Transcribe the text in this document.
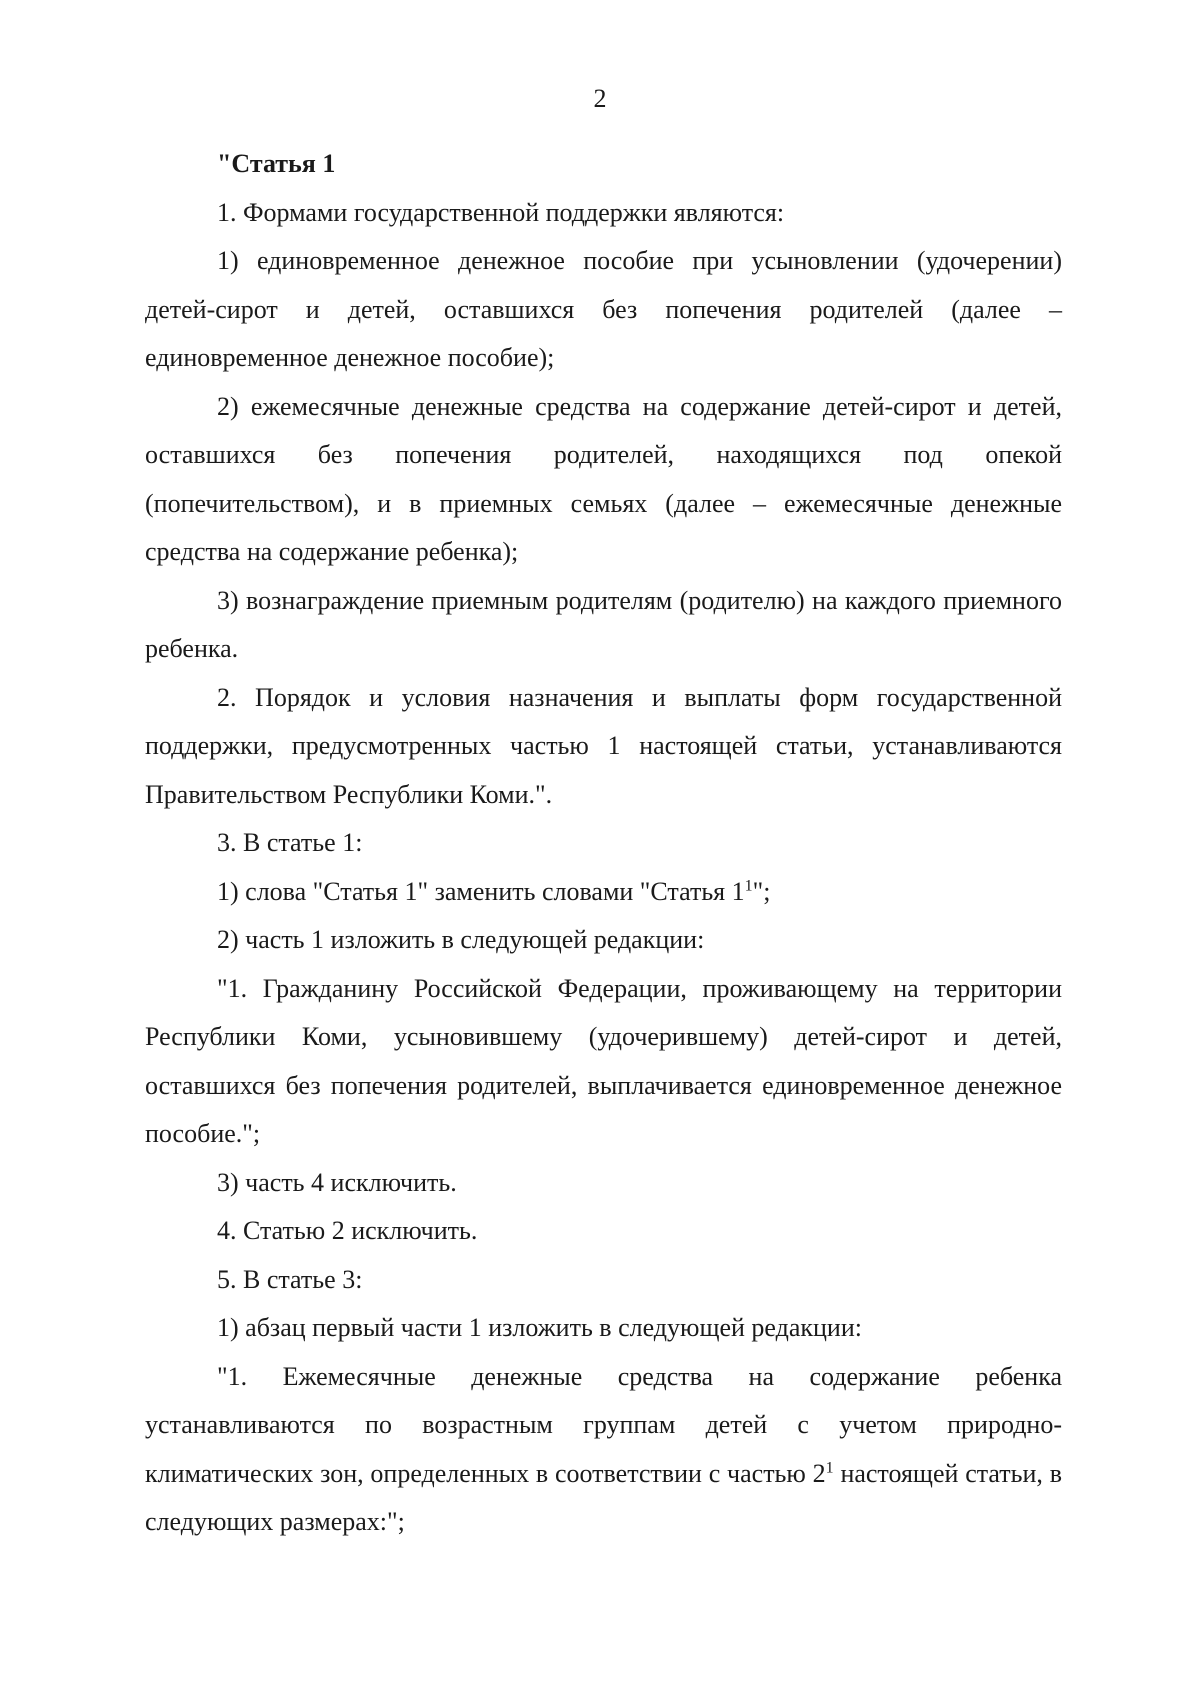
2

"Статья 1

1. Формами государственной поддержки являются:

1) единовременное денежное пособие при усыновлении (удочерении) детей-сирот и детей, оставшихся без попечения родителей (далее – единовременное денежное пособие);

2) ежемесячные денежные средства на содержание детей-сирот и детей, оставшихся без попечения родителей, находящихся под опекой (попечительством), и в приемных семьях (далее – ежемесячные денежные средства на содержание ребенка);

3) вознаграждение приемным родителям (родителю) на каждого приемного ребенка.

2. Порядок и условия назначения и выплаты форм государственной поддержки, предусмотренных частью 1 настоящей статьи, устанавливаются Правительством Республики Коми.".

3. В статье 1:

1) слова "Статья 1" заменить словами "Статья $1^1$";

2) часть 1 изложить в следующей редакции:

"1. Гражданину Российской Федерации, проживающему на территории Республики Коми, усыновившему (удочерившему) детей-сирот и детей, оставшихся без попечения родителей, выплачивается единовременное денежное пособие.";

3) часть 4 исключить.

4. Статью 2 исключить.

5. В статье 3:

1) абзац первый части 1 изложить в следующей редакции:

"1. Ежемесячные денежные средства на содержание ребенка устанавливаются по возрастным группам детей с учетом природно-климатических зон, определенных в соответствии с частью $2^1$ настоящей статьи, в следующих размерах:";
